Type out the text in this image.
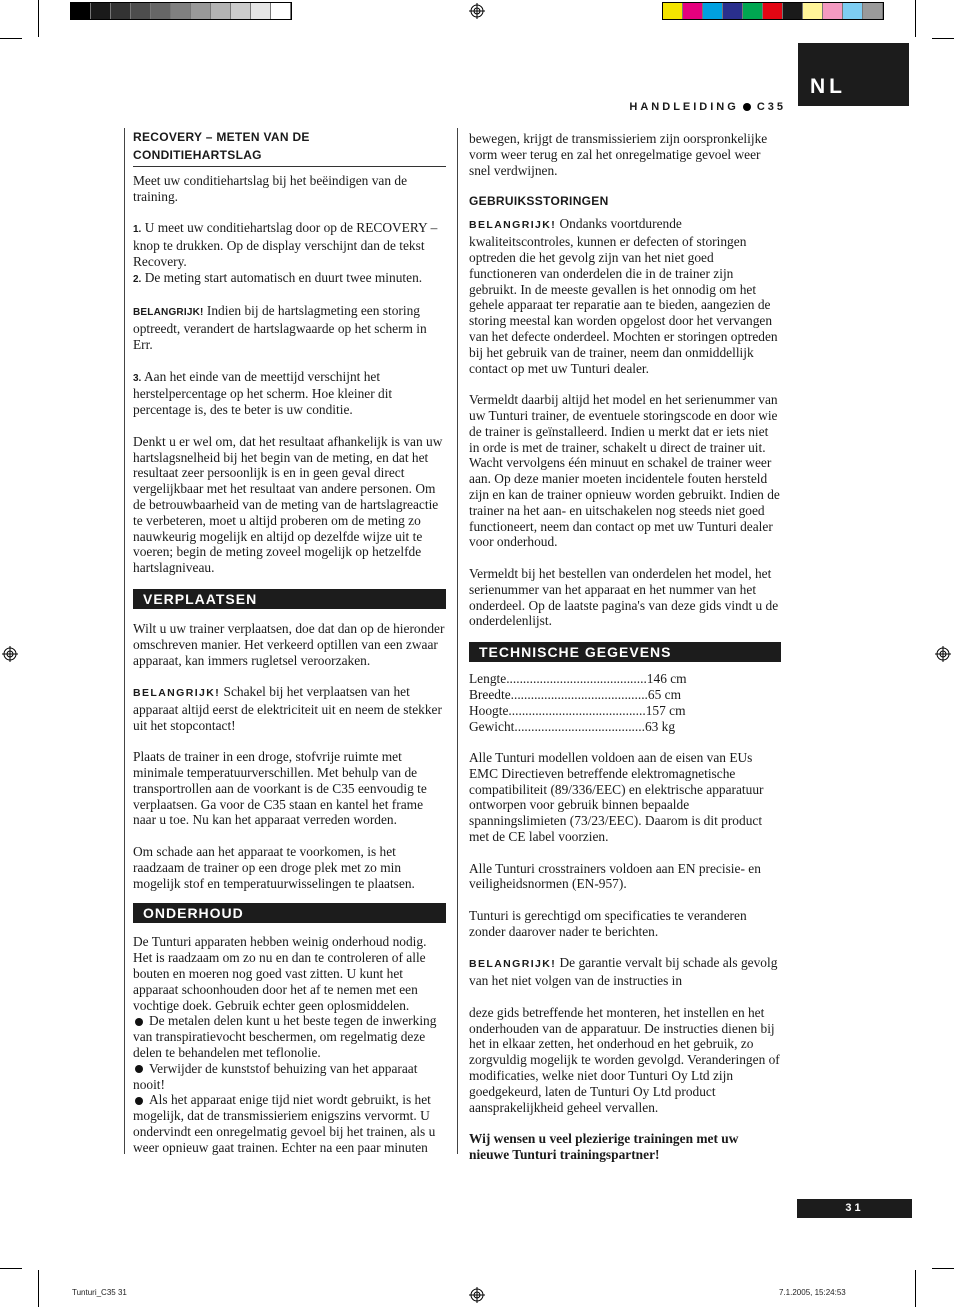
NL
HANDLEIDING C35
RECOVERY – METEN VAN DE
CONDITIEHARTSLAG

Meet uw conditiehartslag bij het beëindigen van de training.

1. U meet uw conditiehartslag door op de RECOVERY –knop te drukken. Op de display verschijnt dan de tekst Recovery.

2. De meting start automatisch en duurt twee minuten.

BELANGRIJK! Indien bij de hartslagmeting een storing optreedt, verandert de hartslagwaarde op het scherm in Err.

3. Aan het einde van de meettijd verschijnt het herstelpercentage op het scherm. Hoe kleiner dit percentage is, des te beter is uw conditie.

Denkt u er wel om, dat het resultaat afhankelijk is van uw hartslagsnelheid bij het begin van de meting, en dat het resultaat zeer persoonlijk is en in geen geval direct vergelijkbaar met het resultaat van andere personen. Om de betrouwbaarheid van de meting van de hartslagreactie te verbeteren, moet u altijd proberen om de meting zo nauwkeurig mogelijk en altijd op dezelfde wijze uit te voeren; begin de meting zoveel mogelijk op hetzelfde hartslagniveau.

VERPLAATSEN

Wilt u uw trainer verplaatsen, doe dat dan op de hieronder omschreven manier. Het verkeerd optillen van een zwaar apparaat, kan immers rugletsel veroorzaken.

BELANGRIJK! Schakel bij het verplaatsen van het apparaat altijd eerst de elektriciteit uit en neem de stekker uit het stopcontact!

Plaats de trainer in een droge, stofvrije ruimte met minimale temperatuurverschillen. Met behulp van de transportrollen aan de voorkant is de C35 eenvoudig te verplaatsen. Ga voor de C35 staan en kantel het frame naar u toe. Nu kan het apparaat verreden worden.

Om schade aan het apparaat te voorkomen, is het raadzaam de trainer op een droge plek met zo min mogelijk stof en temperatuurwisselingen te plaatsen.

ONDERHOUD

De Tunturi apparaten hebben weinig onderhoud nodig. Het is raadzaam om zo nu en dan te controleren of alle bouten en moeren nog goed vast zitten. U kunt het apparaat schoonhouden door het af te nemen met een vochtige doek. Gebruik echter geen oplosmiddelen.

De metalen delen kunt u het beste tegen de inwerking van transpiratievocht beschermen, om regelmatig deze delen te behandelen met teflonolie.

Verwijder de kunststof behuizing van het apparaat nooit!

Als het apparaat enige tijd niet wordt gebruikt, is het mogelijk, dat de transmissieriem enigszins vervormt. U ondervindt een onregelmatig gevoel bij het trainen, als u weer opnieuw gaat trainen. Echter na een paar minuten

bewegen, krijgt de transmissieriem zijn oorspronkelijke vorm weer terug en zal het onregelmatige gevoel weer snel verdwijnen.

GEBRUIKSSTORINGEN

BELANGRIJK! Ondanks voortdurende kwaliteitscontroles, kunnen er defecten of storingen optreden die het gevolg zijn van het niet goed functioneren van onderdelen die in de trainer zijn gebruikt. In de meeste gevallen is het onnodig om het gehele apparaat ter reparatie aan te bieden, aangezien de storing meestal kan worden opgelost door het vervangen van het defecte onderdeel. Mochten er storingen optreden bij het gebruik van de trainer, neem dan onmiddellijk contact op met uw Tunturi dealer.

Vermeldt daarbij altijd het model en het serienummer van uw Tunturi trainer, de eventuele storingscode en door wie de trainer is geïnstalleerd. Indien u merkt dat er iets niet in orde is met de trainer, schakelt u direct de trainer uit. Wacht vervolgens één minuut en schakel de trainer weer aan. Op deze manier moeten incidentele fouten hersteld zijn en kan de trainer opnieuw worden gebruikt. Indien de trainer na het aan- en uitschakelen nog steeds niet goed functioneert, neem dan contact op met uw Tunturi dealer voor onderhoud.

Vermeldt bij het bestellen van onderdelen het model, het serienummer van het apparaat en het nummer van het onderdeel. Op de laatste pagina's van deze gids vindt u de onderdelenlijst.

TECHNISCHE GEGEVENS
Lengte .......................................... 146 cm
Breedte ......................................... 65 cm
Hoogte ......................................... 157 cm
Gewicht ....................................... 63 kg

Alle Tunturi modellen voldoen aan de eisen van EUs EMC Directieven betreffende elektromagnetische compatibiliteit (89/336/EEC) en elektrische apparatuur ontworpen voor gebruik binnen bepaalde spanningslimieten (73/23/EEC). Daarom is dit product met de CE label voorzien.

Alle Tunturi crosstrainers voldoen aan EN precisie- en veiligheidsnormen (EN-957).

Tunturi is gerechtigd om specificaties te veranderen zonder daarover nader te berichten.

BELANGRIJK! De garantie vervalt bij schade als gevolg van het niet volgen van de instructies in

deze gids betreffende het monteren, het instellen en het onderhouden van de apparatuur. De instructies dienen bij het in elkaar zetten, het onderhoud en het gebruik, zo zorgvuldig mogelijk te worden gevolgd. Veranderingen of modificaties, welke niet door Tunturi Oy Ltd zijn goedgekeurd, laten de Tunturi Oy Ltd product aansprakelijkheid geheel vervallen.

Wij wensen u veel plezierige trainingen met uw nieuwe Tunturi trainingspartner!

31
Tunturi_C35 31	7.1.2005, 15:24:53
